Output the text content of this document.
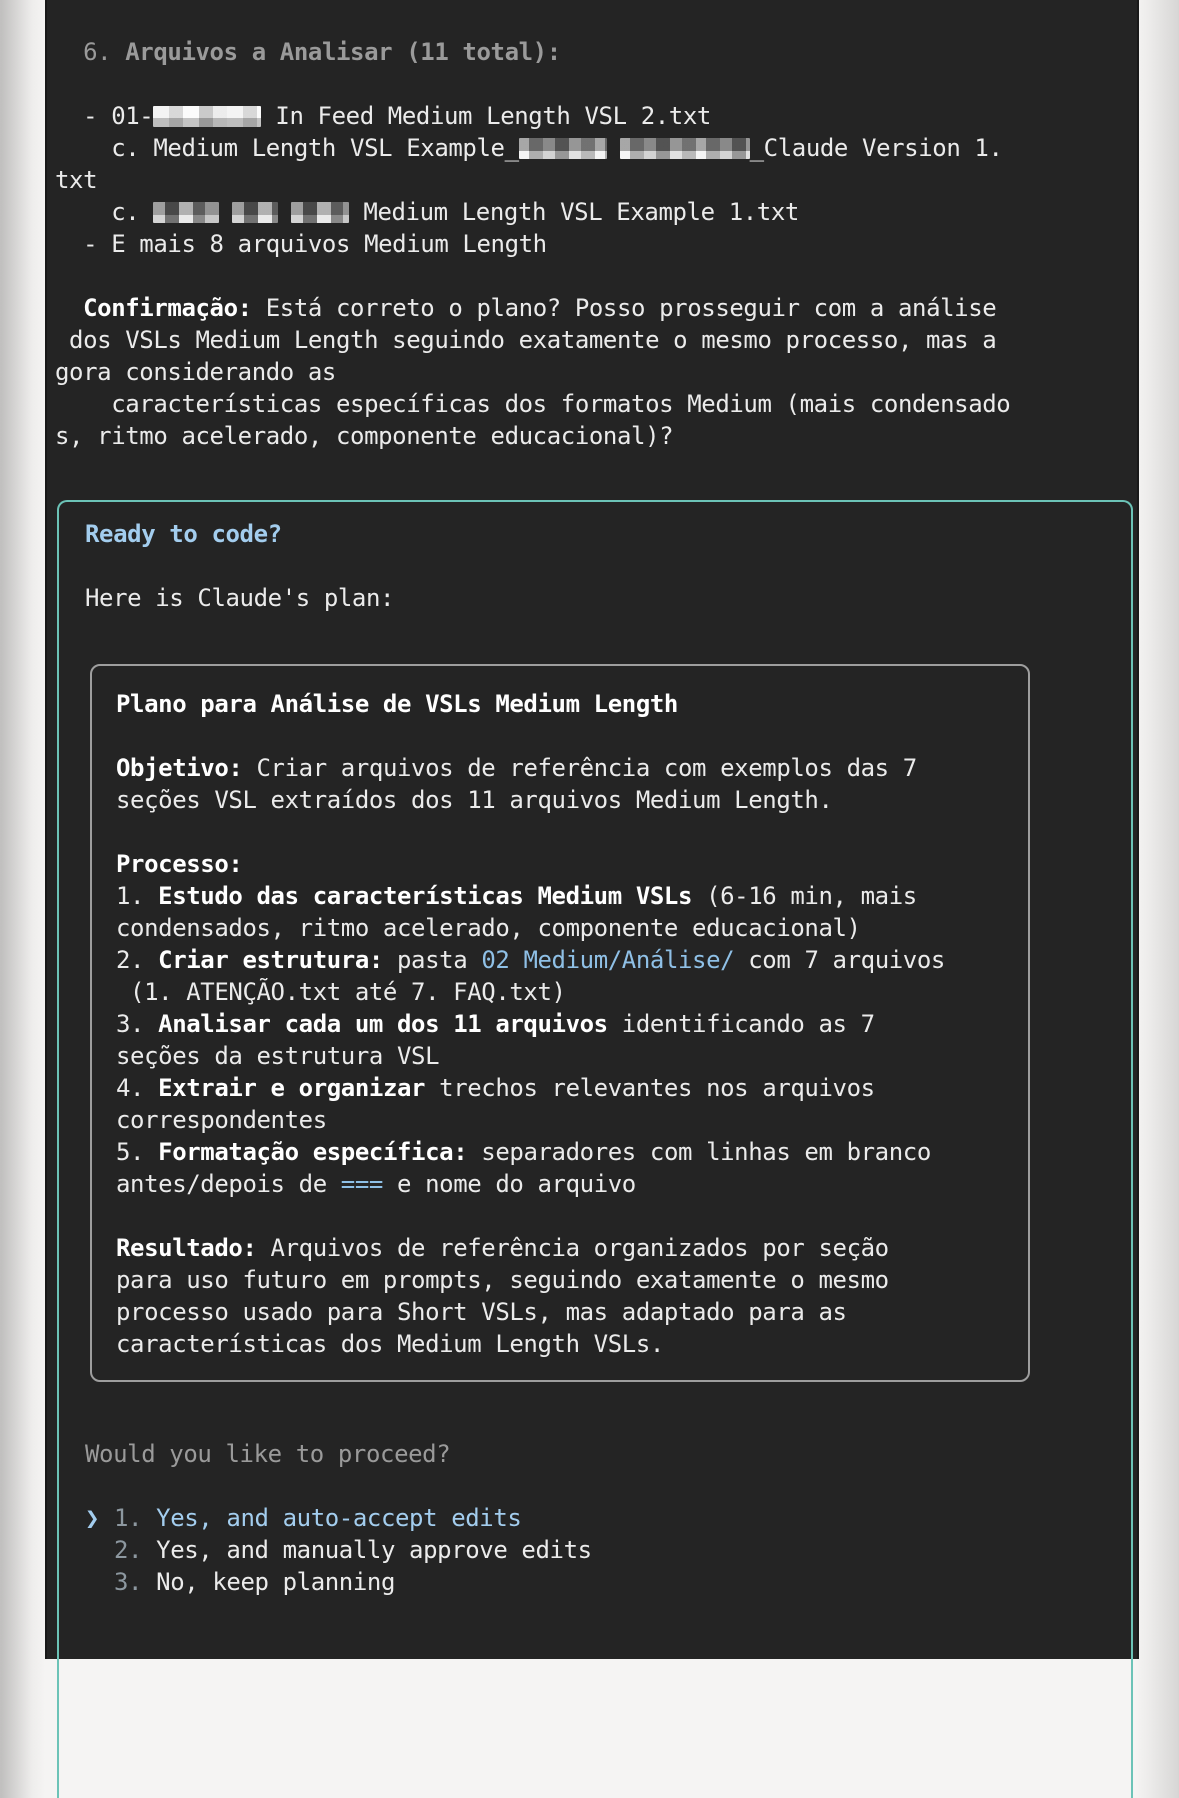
6. Arquivos a Analisar (11 total):
- 01-	In Feed Medium Length VSL 2.txt
c. Medium Length VSL Example_	_Claude Version 1.
txt
c.	Medium Length VSL Example 1.txt
- E mais 8 arquivos Medium Length
Confirmação: Está correto o plano? Posso prosseguir com a análise
dos VSLs Medium Length seguindo exatamente o mesmo processo, mas a
gora considerando as
características específicas dos formatos Medium (mais condensado
s, ritmo acelerado, componente educacional)?
Ready to code?
Here is Claude's plan:
Plano para Análise de VSLs Medium Length
Objetivo: Criar arquivos de referência com exemplos das 7
seções VSL extraídos dos 11 arquivos Medium Length.
Processo:
1. Estudo das características Medium VSLs (6-16 min, mais
condensados, ritmo acelerado, componente educacional)
2. Criar estrutura: pasta 02 Medium/Análise/ com 7 arquivos
(1. ATENÇÃO.txt até 7. FAQ.txt)
3. Analisar cada um dos 11 arquivos identificando as 7
seções da estrutura VSL
4. Extrair e organizar trechos relevantes nos arquivos
correspondentes
5. Formatação específica: separadores com linhas em branco
antes/depois de === e nome do arquivo
Resultado: Arquivos de referência organizados por seção
para uso futuro em prompts, seguindo exatamente o mesmo
processo usado para Short VSLs, mas adaptado para as
características dos Medium Length VSLs.
Would you like to proceed?
❯ 1. Yes, and auto-accept edits
2. Yes, and manually approve edits
3. No, keep planning
